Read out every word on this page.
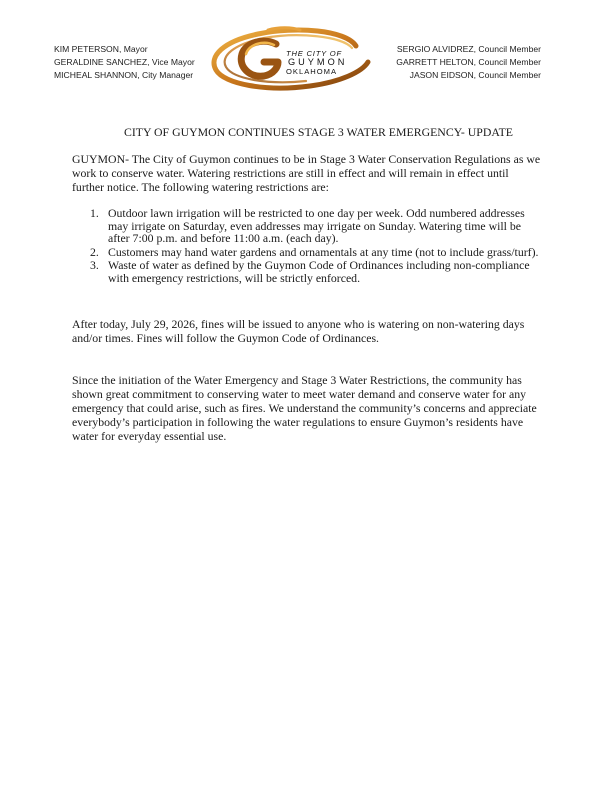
KIM PETERSON, Mayor
GERALDINE SANCHEZ, Vice Mayor
MICHEAL SHANNON, City Manager
THE CITY OF
GUYMON
OKLAHOMA
SERGIO ALVIDREZ, Council Member
GARRETT HELTON, Council Member
JASON EIDSON, Council Member
CITY OF GUYMON CONTINUES STAGE 3 WATER EMERGENCY- UPDATE
GUYMON- The City of Guymon continues to be in Stage 3 Water Conservation Regulations as we work to conserve water. Watering restrictions are still in effect and will remain in effect until further notice. The following watering restrictions are:
1. Outdoor lawn irrigation will be restricted to one day per week. Odd numbered addresses may irrigate on Saturday, even addresses may irrigate on Sunday. Watering time will be after 7:00 p.m. and before 11:00 a.m. (each day).
2. Customers may hand water gardens and ornamentals at any time (not to include grass/turf).
3. Waste of water as defined by the Guymon Code of Ordinances including non-compliance with emergency restrictions, will be strictly enforced.
After today, July 29, 2026, fines will be issued to anyone who is watering on non-watering days and/or times. Fines will follow the Guymon Code of Ordinances.
Since the initiation of the Water Emergency and Stage 3 Water Restrictions, the community has shown great commitment to conserving water to meet water demand and conserve water for any emergency that could arise, such as fires. We understand the community’s concerns and appreciate everybody’s participation in following the water regulations to ensure Guymon’s residents have water for everyday essential use.
